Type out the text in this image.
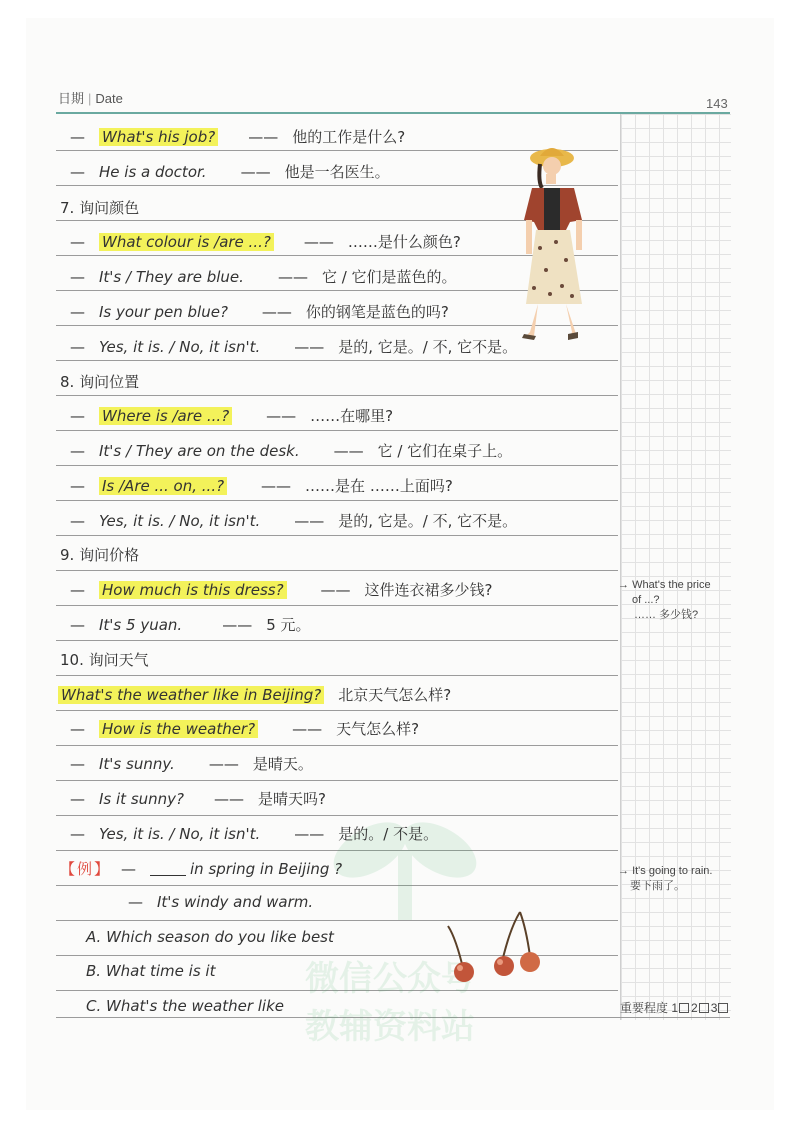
日期 | Date	143
— What's his job? —— 他的工作是什么?
— He is a doctor. —— 他是一名医生。
7. 询问颜色
— What colour is /are ...? —— ……是什么颜色?
— It's / They are blue. —— 它 / 它们是蓝色的。
— Is your pen blue? —— 你的钢笔是蓝色的吗?
— Yes, it is. / No, it isn't. —— 是的, 它是。/ 不, 它不是。
8. 询问位置
— Where is /are ...? —— ……在哪里?
— It's / They are on the desk. —— 它 / 它们在桌子上。
— Is /Are ... on, ...? —— ……是在 ……上面吗?
— Yes, it is. / No, it isn't. —— 是的, 它是。/ 不, 它不是。
9. 询问价格
— How much is this dress? —— 这件连衣裙多少钱?
— It's 5 yuan.	—— 5 元。
10. 询问天气
What's the weather like in Beijing? 北京天气怎么样?
— How is the weather? —— 天气怎么样?
— It's sunny. —— 是晴天。
— Is it sunny? —— 是晴天吗?
— Yes, it is. / No, it isn't. —— 是的。/ 不是。
【例】 —	in spring in Beijing ?
— It's windy and warm.
A. Which season do you like best
B. What time is it
C. What's the weather like
→ What's the price
of ...?
…… 多少钱?
→ It's going to rain.
要下雨了。
重要程度 1 2 3
